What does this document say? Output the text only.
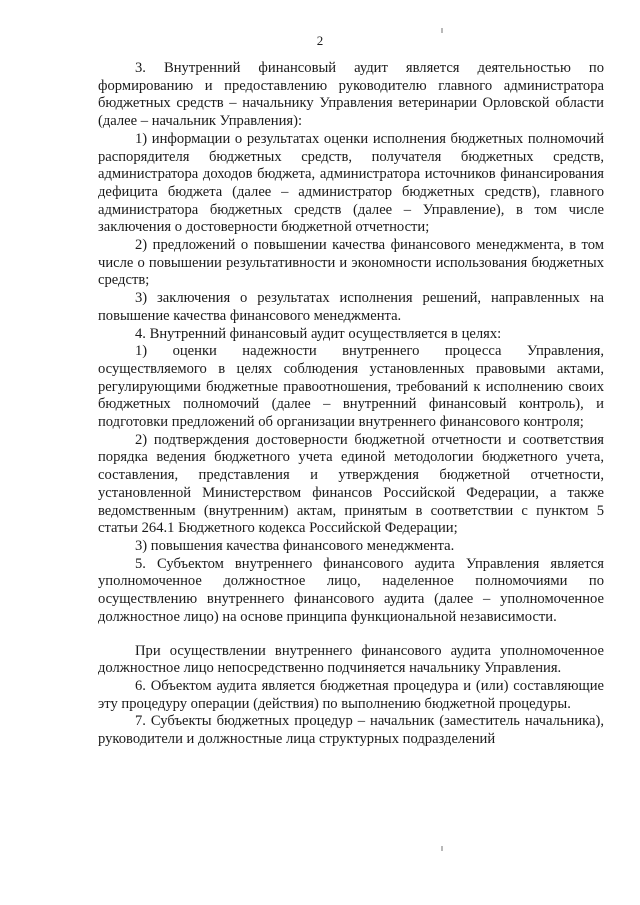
2

3. Внутренний финансовый аудит является деятельностью по формированию и предоставлению руководителю главного администратора бюджетных средств – начальнику Управления ветеринарии Орловской области (далее – начальник Управления):

1) информации о результатах оценки исполнения бюджетных полномочий распорядителя бюджетных средств, получателя бюджетных средств, администратора доходов бюджета, администратора источников финансирования дефицита бюджета (далее – администратор бюджетных средств), главного администратора бюджетных средств (далее – Управление), в том числе заключения о достоверности бюджетной отчетности;

2) предложений о повышении качества финансового менеджмента, в том числе о повышении результативности и экономности использования бюджетных средств;

3) заключения о результатах исполнения решений, направленных на повышение качества финансового менеджмента.

4. Внутренний финансовый аудит осуществляется в целях:

1) оценки надежности внутреннего процесса Управления, осуществляемого в целях соблюдения установленных правовыми актами, регулирующими бюджетные правоотношения, требований к исполнению своих бюджетных полномочий (далее – внутренний финансовый контроль), и подготовки предложений об организации внутреннего финансового контроля;

2) подтверждения достоверности бюджетной отчетности и соответствия порядка ведения бюджетного учета единой методологии бюджетного учета, составления, представления и утверждения бюджетной отчетности, установленной Министерством финансов Российской Федерации, а также ведомственным (внутренним) актам, принятым в соответствии с пунктом 5 статьи 264.1 Бюджетного кодекса Российской Федерации;

3) повышения качества финансового менеджмента.

5. Субъектом внутреннего финансового аудита Управления является уполномоченное должностное лицо, наделенное полномочиями по осуществлению внутреннего финансового аудита (далее – уполномоченное должностное лицо) на основе принципа функциональной независимости.

При осуществлении внутреннего финансового аудита уполномоченное должностное лицо непосредственно подчиняется начальнику Управления.

6. Объектом аудита является бюджетная процедура и (или) составляющие эту процедуру операции (действия) по выполнению бюджетной процедуры.

7. Субъекты бюджетных процедур – начальник (заместитель начальника), руководители и должностные лица структурных подразделений
